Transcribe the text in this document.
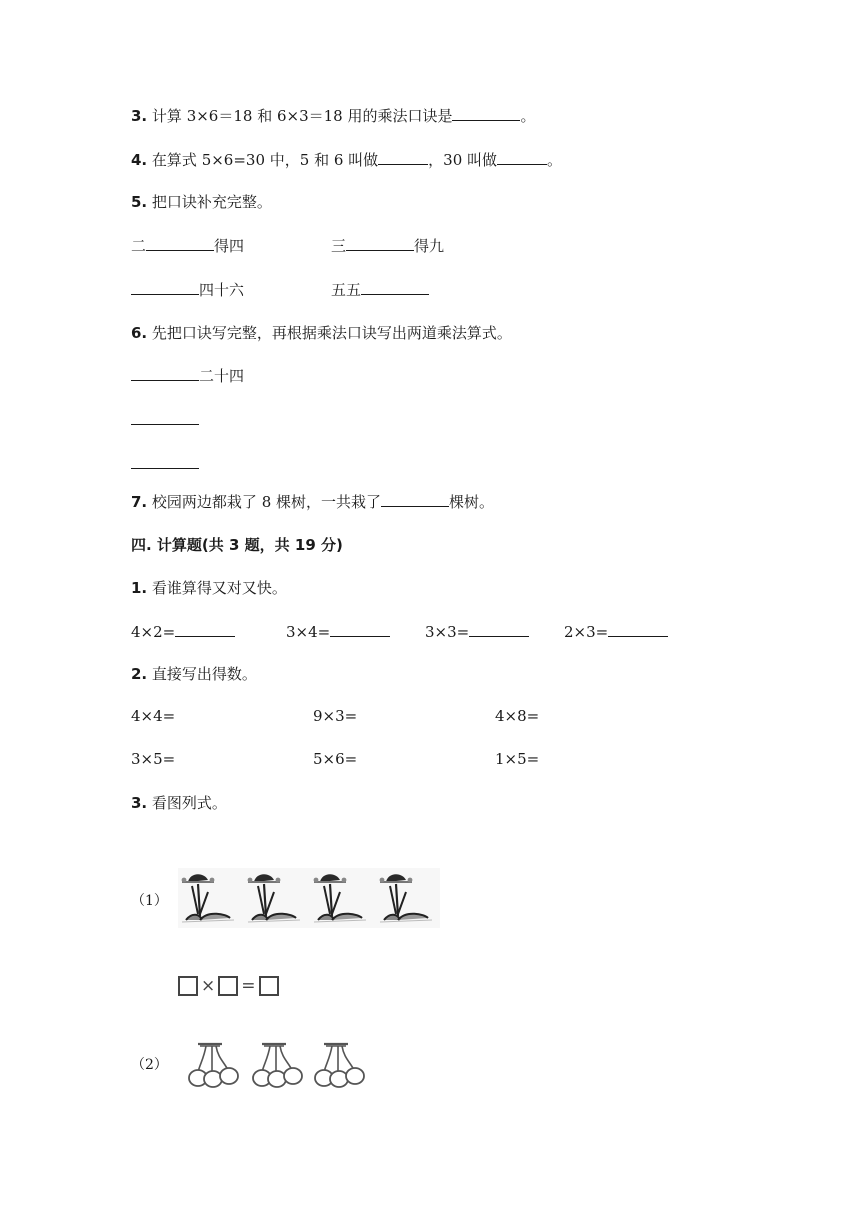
3. 计算 3×6＝18 和 6×3＝18 用的乘法口诀是	。
4. 在算式 5×6=30 中，5 和 6 叫做	，30 叫做	。
5. 把口诀补充完整。
二	得四	三	得九
四十六	五五
6. 先把口诀写完整，再根据乘法口诀写出两道乘法算式。
二十四
7. 校园两边都栽了 8 棵树，一共栽了	棵树。
四. 计算题(共 3 题，共 19 分)
1. 看谁算得又对又快。
4×2=	3×4=	3×3=	2×3=
2. 直接写出得数。
4×4=	9×3=	4×8=
3×5=	5×6=	1×5=
3. 看图列式。
（1）
× =
（2）
